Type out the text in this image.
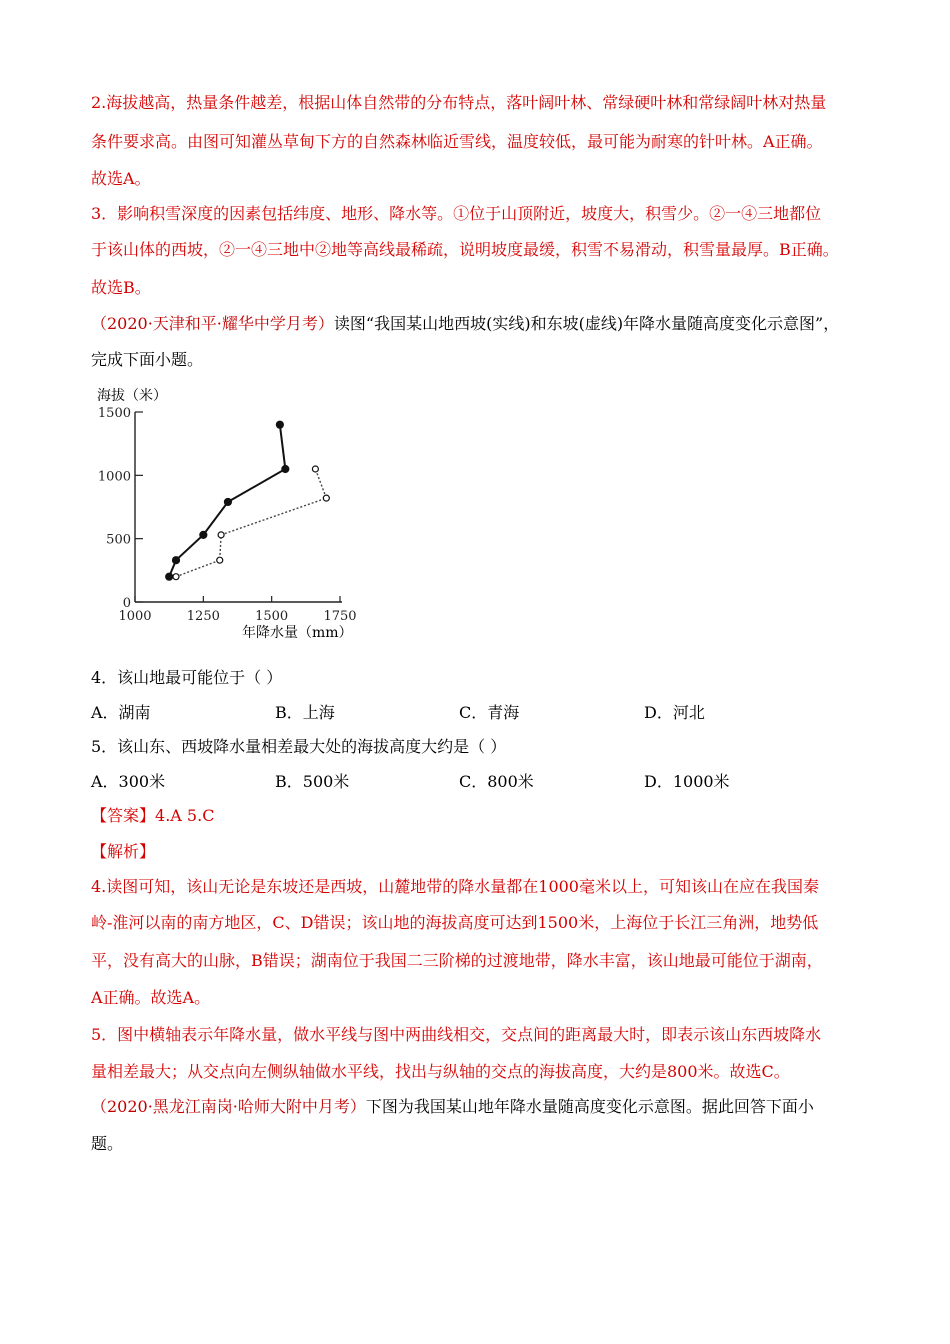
2.海拔越高，热量条件越差，根据山体自然带的分布特点，落叶阔叶林、常绿硬叶林和常绿阔叶林对热量
条件要求高。由图可知灌丛草甸下方的自然森林临近雪线，温度较低，最可能为耐寒的针叶林。A正确。
故选A。
3．影响积雪深度的因素包括纬度、地形、降水等。①位于山顶附近，坡度大，积雪少。②一④三地都位
于该山体的西坡，②一④三地中②地等高线最稀疏，说明坡度最缓，积雪不易滑动，积雪量最厚。B正确。
故选B。
（2020·天津和平·耀华中学月考）读图“我国某山地西坡(实线)和东坡(虚线)年降水量随高度变化示意图”，
完成下面小题。
0
500
1000
1500
1000	1250	1500	1750
海拔（米）
年降水量（mm）
4．该山地最可能位于（ ）
A．湖南	B．上海	C．青海	D．河北
5．该山东、西坡降水量相差最大处的海拔高度大约是（ ）
A．300米	B．500米	C．800米	D．1000米
【答案】4.A 5.C
【解析】
4.读图可知，该山无论是东坡还是西坡，山麓地带的降水量都在1000毫米以上，可知该山在应在我国秦
岭-淮河以南的南方地区，C、D错误；该山地的海拔高度可达到1500米，上海位于长江三角洲，地势低
平，没有高大的山脉，B错误；湖南位于我国二三阶梯的过渡地带，降水丰富，该山地最可能位于湖南，
A正确。故选A。
5．图中横轴表示年降水量，做水平线与图中两曲线相交，交点间的距离最大时，即表示该山东西坡降水
量相差最大；从交点向左侧纵轴做水平线，找出与纵轴的交点的海拔高度，大约是800米。故选C。
（2020·黑龙江南岗·哈师大附中月考）下图为我国某山地年降水量随高度变化示意图。据此回答下面小
题。
